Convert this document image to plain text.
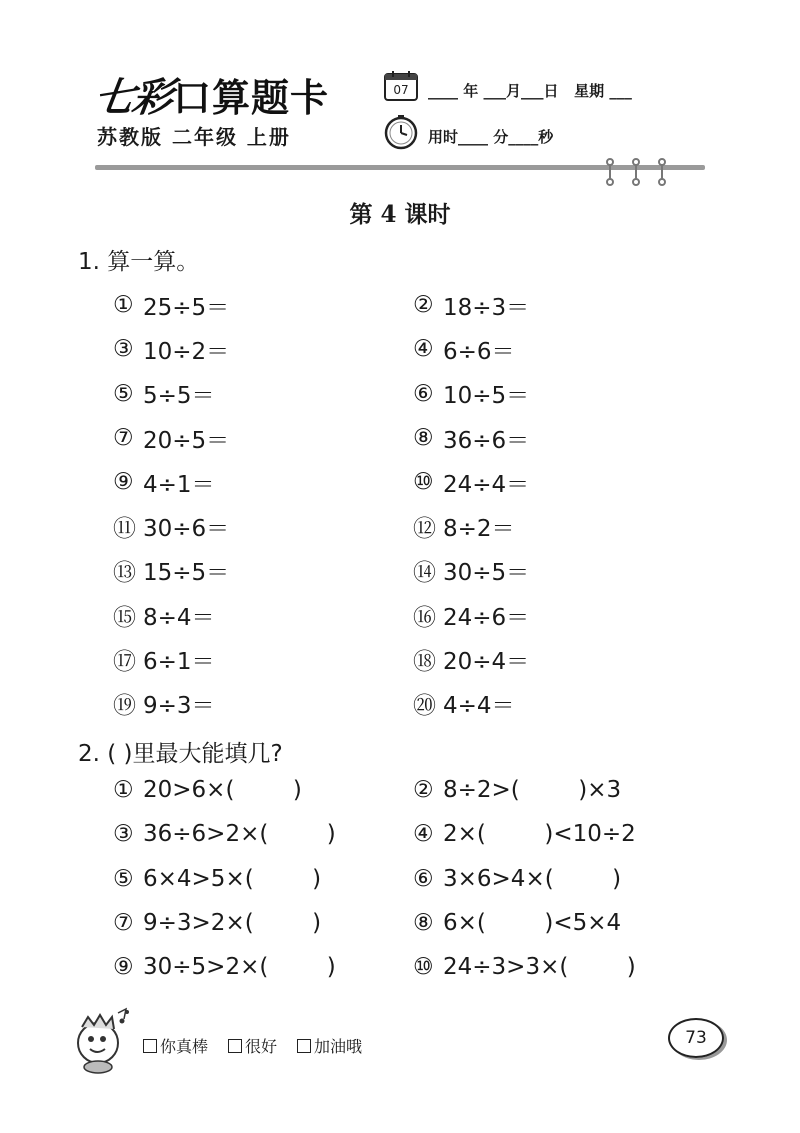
七彩 口算题卡
苏教版 二年级 上册
07 ____ 年 ___月___日   星期 ___
用时____ 分____秒
第 4 课时
1. 算一算。
① 25÷5＝	② 18÷3＝
③ 10÷2＝	④ 6÷6＝
⑤ 5÷5＝	⑥ 10÷5＝
⑦ 20÷5＝	⑧ 36÷6＝
⑨ 4÷1＝	⑩ 24÷4＝
⑪ 30÷6＝	⑫ 8÷2＝
⑬ 15÷5＝	⑭ 30÷5＝
⑮ 8÷4＝	⑯ 24÷6＝
⑰ 6÷1＝	⑱ 20÷4＝
⑲ 9÷3＝	⑳ 4÷4＝
2. ( )里最大能填几?
① 20>6×(        )	② 8÷2>(        )×3
③ 36÷6>2×(        )	④ 2×(        )<10÷2
⑤ 6×4>5×(        )	⑥ 3×6>4×(        )
⑦ 9÷3>2×(        )	⑧ 6×(        )<5×4
⑨ 30÷5>2×(        )	⑩ 24÷3>3×(        )
你真棒 很好 加油哦	73
